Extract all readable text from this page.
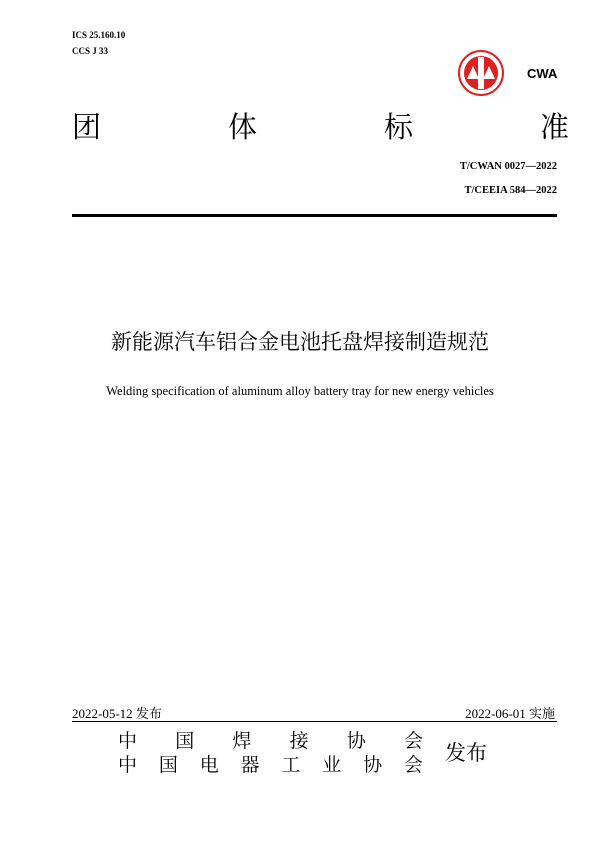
ICS 25.160.10
CCS J 33
CWA
团	体	标	准
T/CWAN 0027—2022
T/CEEIA 584—2022
新能源汽车铝合金电池托盘焊接制造规范
Welding specification of aluminum alloy battery tray for new energy vehicles
2022-05-12 发布	2022-06-01 实施
中 国 焊 接 协 会
中 国 电 器 工 业 协 会 发布
